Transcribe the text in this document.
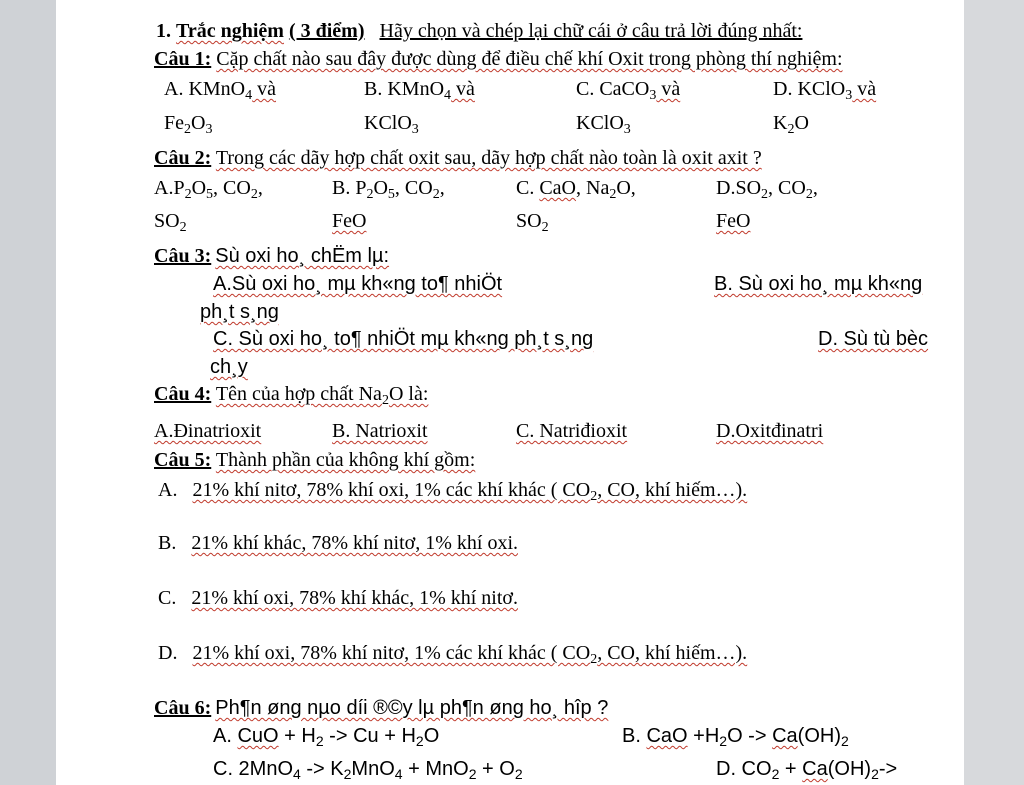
1. Trắc nghiệm ( 3 điểm) Hãy chọn và chép lại chữ cái ở câu trả lời đúng nhất:
Câu 1: Cặp chất nào sau đây được dùng để điều chế khí Oxit trong phòng thí nghiệm:
A. KMnO$_4$ và	B. KMnO$_4$ và	C. CaCO$_3$ và	D. KClO$_3$ và
$Fe_2O_3$	KClO$_3$	KClO$_3$	$K_2O$
Câu 2: Trong các dãy hợp chất oxit sau, dãy hợp chất nào toàn là oxit axit ?
$A.P_2O_5$, $CO_2$,	B. $P_2O_5$, $CO_2$,	C. CaO, $Na_2O$,	$D.SO_2$, $CO_2$,
$SO_2$	FeO	$SO_2$	FeO
Câu 3: Sù oxi ho¸ chËm lµ:
A.Sù oxi ho¸ mµ kh«ng to¶ nhiÖt	B. Sù oxi ho¸ mµ kh«ng
ph¸t s¸ng
C. Sù oxi ho¸ to¶ nhiÖt mµ kh«ng ph¸t s¸ng	D. Sù tù bèc
ch¸y
Câu 4: Tên của hợp chất $Na_2O$ là:
A.Đinatrioxit	B. Natrioxit	C. Natriđioxit	D.Oxitđinatri
Câu 5: Thành phần của không khí gồm:
A. 21% khí nitơ, 78% khí oxi, 1% các khí khác ( $CO_2$, CO, khí hiếm…).
B. 21% khí khác, 78% khí nitơ, 1% khí oxi.
C. 21% khí oxi, 78% khí khác, 1% khí nitơ.
D. 21% khí oxi, 78% khí nitơ, 1% các khí khác ( $CO_2$, CO, khí hiếm…).
Câu 6: Ph¶n øng nµo díi ®©y lµ ph¶n øng ho¸ hîp ?
A. CuO + $H_2 -> Cu + H_2O$	B. CaO $+H_2O -> Ca(OH)_2$
C. $2MnO_4 -> K_2MnO_4 + MnO_2 + O_2$	D. $CO_2 + Ca(OH)_2->$
